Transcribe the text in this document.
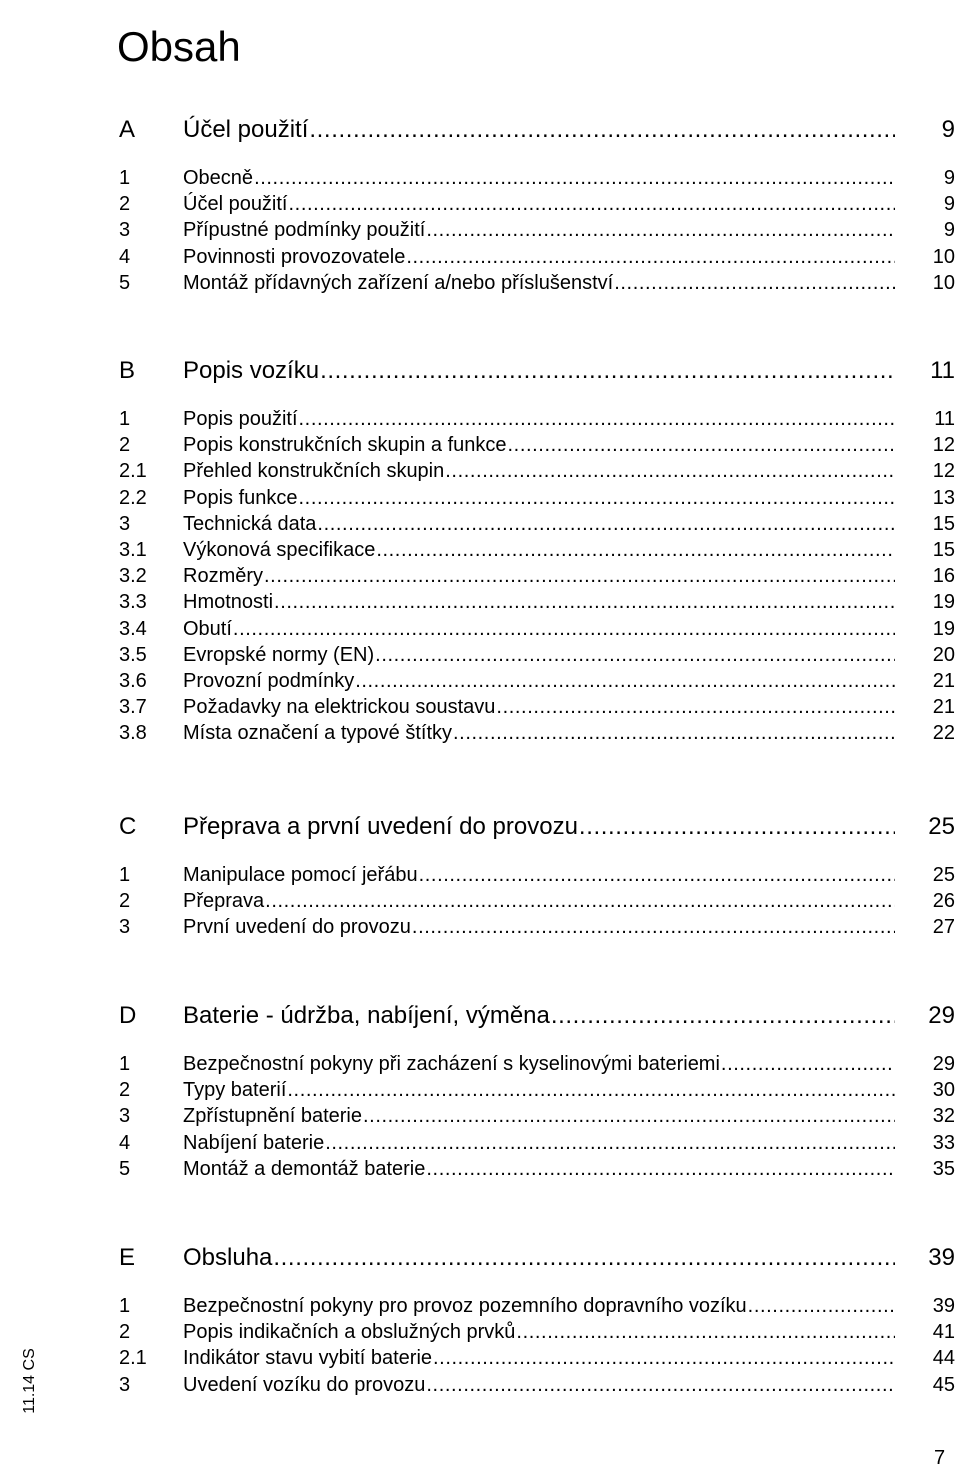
Obsah
A	Účel použití .....	9
1	Obecně .....	9
2	Účel použití .....	9
3	Přípustné podmínky použití .....	9
4	Povinnosti provozovatele .....	10
5	Montáž přídavných zařízení a/nebo příslušenství .....	10
B	Popis vozíku .....	11
1	Popis použití .....	11
2	Popis konstrukčních skupin a funkce .....	12
2.1	Přehled konstrukčních skupin .....	12
2.2	Popis funkce .....	13
3	Technická data .....	15
3.1	Výkonová specifikace .....	15
3.2	Rozměry .....	16
3.3	Hmotnosti .....	19
3.4	Obutí .....	19
3.5	Evropské normy (EN) .....	20
3.6	Provozní podmínky .....	21
3.7	Požadavky na elektrickou soustavu .....	21
3.8	Místa označení a typové štítky .....	22
C	Přeprava a první uvedení do provozu .....	25
1	Manipulace pomocí jeřábu .....	25
2	Přeprava .....	26
3	První uvedení do provozu .....	27
D	Baterie - údržba, nabíjení, výměna .....	29
1	Bezpečnostní pokyny při zacházení s kyselinovými bateriemi .....	29
2	Typy baterií .....	30
3	Zpřístupnění baterie .....	32
4	Nabíjení baterie .....	33
5	Montáž a demontáž baterie .....	35
E	Obsluha .....	39
1	Bezpečnostní pokyny pro provoz pozemního dopravního vozíku .....	39
2	Popis indikačních a obslužných prvků .....	41
2.1	Indikátor stavu vybití baterie .....	44
3	Uvedení vozíku do provozu .....	45
11.14 CS
7
